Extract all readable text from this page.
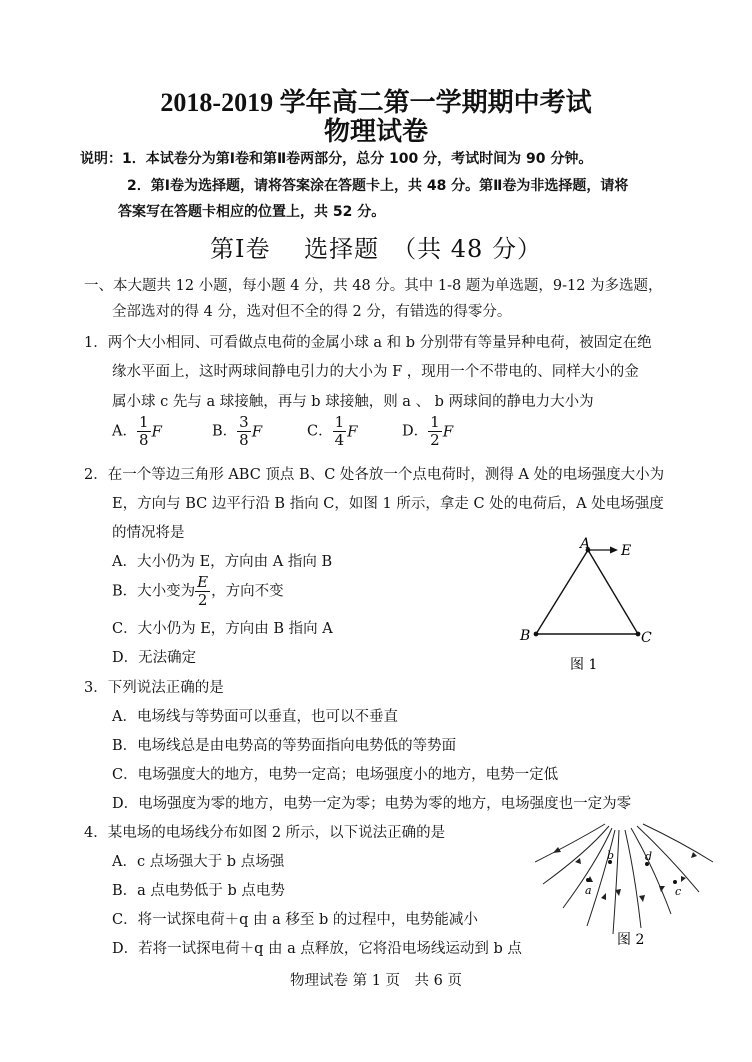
2018-2019 学年高二第一学期期中考试
物理试卷
说明：1．本试卷分为第Ⅰ卷和第Ⅱ卷两部分，总分 100 分，考试时间为 90 分钟。
2．第Ⅰ卷为选择题，请将答案涂在答题卡上，共 48 分。第Ⅱ卷为非选择题，请将
答案写在答题卡相应的位置上，共 52 分。
第Ⅰ卷　 选择题　（共 48 分）
一、本大题共 12 小题，每小题 4 分，共 48 分。其中 1-8 题为单选题，9-12 为多选题，
全部选对的得 4 分，选对但不全的得 2 分，有错选的得零分。
1．两个大小相同、可看做点电荷的金属小球 a 和 b 分别带有等量异种电荷，被固定在绝
缘水平面上，这时两球间静电引力的大小为 F ，现用一个不带电的、同样大小的金
属小球 c 先与 a 球接触，再与 b 球接触，则 a 、 b 两球间的静电力大小为
A． $\frac{1}{8}$ F	B． $\frac{3}{8}$ F	C． $\frac{1}{4}$ F	D． $\frac{1}{2}$ F
2．在一个等边三角形 ABC 顶点 B、C 处各放一个点电荷时，测得 A 处的电场强度大小为
E，方向与 BC 边平行沿 B 指向 C，如图 1 所示，拿走 C 处的电荷后，A 处电场强度
的情况将是
A．大小仍为 E，方向由 A 指向 B
B．大小变为 $\frac{E}{2}$ ，方向不变
C．大小仍为 E，方向由 B 指向 A
D．无法确定
A E
B	C
图 1
3．下列说法正确的是
A．电场线与等势面可以垂直，也可以不垂直
B．电场线总是由电势高的等势面指向电势低的等势面
C．电场强度大的地方，电势一定高；电场强度小的地方，电势一定低
D．电场强度为零的地方，电势一定为零；电势为零的地方，电场强度也一定为零
4．某电场的电场线分布如图 2 所示，以下说法正确的是
A．c 点场强大于 b 点场强
B．a 点电势低于 b 点电势
C．将一试探电荷＋q 由 a 移至 b 的过程中，电势能减小
D．若将一试探电荷＋q 由 a 点释放，它将沿电场线运动到 b 点
a
b	d
c
图 2
物理试卷 第 1 页　共 6 页
